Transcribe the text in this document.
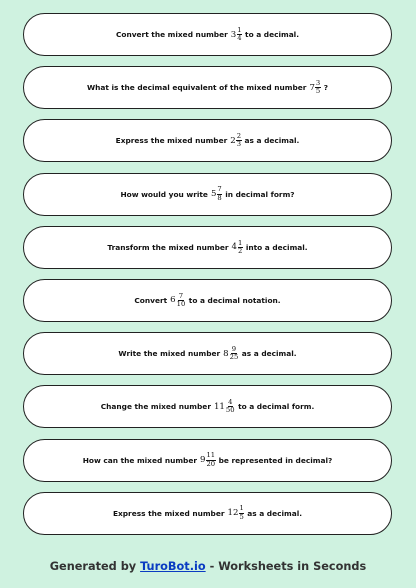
Convert the mixed number $3 \frac{1}{4}$ to a decimal.
What is the decimal equivalent of the mixed number $7 \frac{3}{5}$ ?
Express the mixed number $2 \frac{2}{3}$ as a decimal.
How would you write $5 \frac{7}{8}$ in decimal form?
Transform the mixed number $4 \frac{1}{2}$ into a decimal.
Convert $6 \frac{7}{10}$ to a decimal notation.
Write the mixed number $8 \frac{9}{25}$ as a decimal.
Change the mixed number $11 \frac{4}{50}$ to a decimal form.
How can the mixed number $9 \frac{11}{20}$ be represented in decimal?
Express the mixed number $12 \frac{1}{5}$ as a decimal.
Generated by TuroBot.io - Worksheets in Seconds
